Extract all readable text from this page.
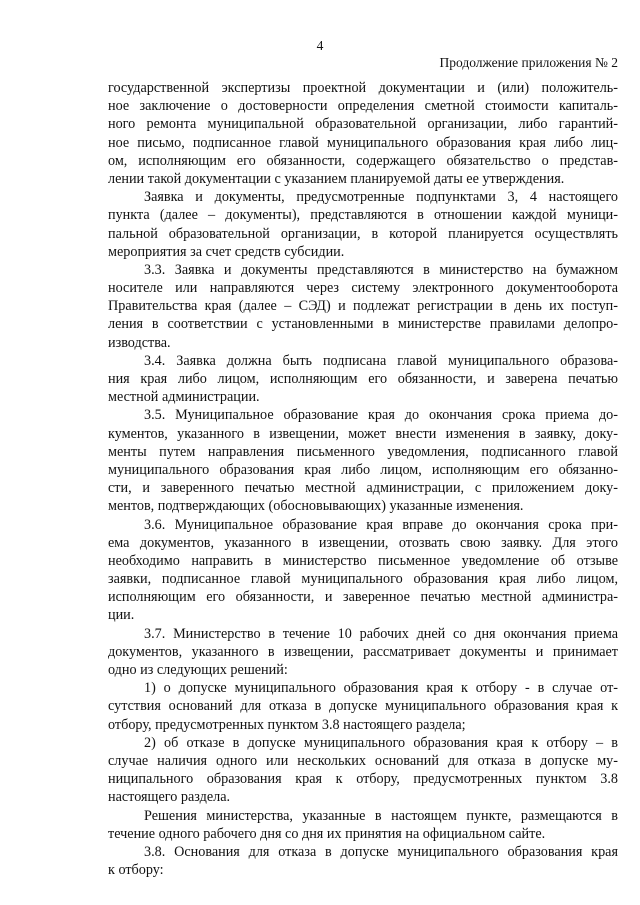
4
Продолжение приложения № 2
государственной экспертизы проектной документации и (или) положитель-
ное заключение о достоверности определения сметной стоимости капиталь-
ного ремонта муниципальной образовательной организации, либо гарантий-
ное письмо, подписанное главой муниципального образования края либо лиц-
ом, исполняющим его обязанности, содержащего обязательство о представ-
лении такой документации с указанием планируемой даты ее утверждения.
Заявка и документы, предусмотренные подпунктами 3, 4 настоящего
пункта (далее – документы), представляются в отношении каждой муници-
пальной образовательной организации, в которой планируется осуществлять
мероприятия за счет средств субсидии.
3.3. Заявка и документы представляются в министерство на бумажном
носителе или направляются через систему электронного документооборота
Правительства края (далее – СЭД) и подлежат регистрации в день их поступ-
ления в соответствии с установленными в министерстве правилами делопро-
изводства.
3.4. Заявка должна быть подписана главой муниципального образова-
ния края либо лицом, исполняющим его обязанности, и заверена печатью
местной администрации.
3.5. Муниципальное образование края до окончания срока приема до-
кументов, указанного в извещении, может внести изменения в заявку, доку-
менты путем направления письменного уведомления, подписанного главой
муниципального образования края либо лицом, исполняющим его обязанно-
сти, и заверенного печатью местной администрации, с приложением доку-
ментов, подтверждающих (обосновывающих) указанные изменения.
3.6. Муниципальное образование края вправе до окончания срока при-
ема документов, указанного в извещении, отозвать свою заявку. Для этого
необходимо направить в министерство письменное уведомление об отзыве
заявки, подписанное главой муниципального образования края либо лицом,
исполняющим его обязанности, и заверенное печатью местной администра-
ции.
3.7. Министерство в течение 10 рабочих дней со дня окончания приема
документов, указанного в извещении, рассматривает документы и принимает
одно из следующих решений:
1) о допуске муниципального образования края к отбору - в случае от-
сутствия оснований для отказа в допуске муниципального образования края к
отбору, предусмотренных пунктом 3.8 настоящего раздела;
2) об отказе в допуске муниципального образования края к отбору – в
случае наличия одного или нескольких оснований для отказа в допуске му-
ниципального образования края к отбору, предусмотренных пунктом 3.8
настоящего раздела.
Решения министерства, указанные в настоящем пункте, размещаются в
течение одного рабочего дня со дня их принятия на официальном сайте.
3.8. Основания для отказа в допуске муниципального образования края
к отбору:
